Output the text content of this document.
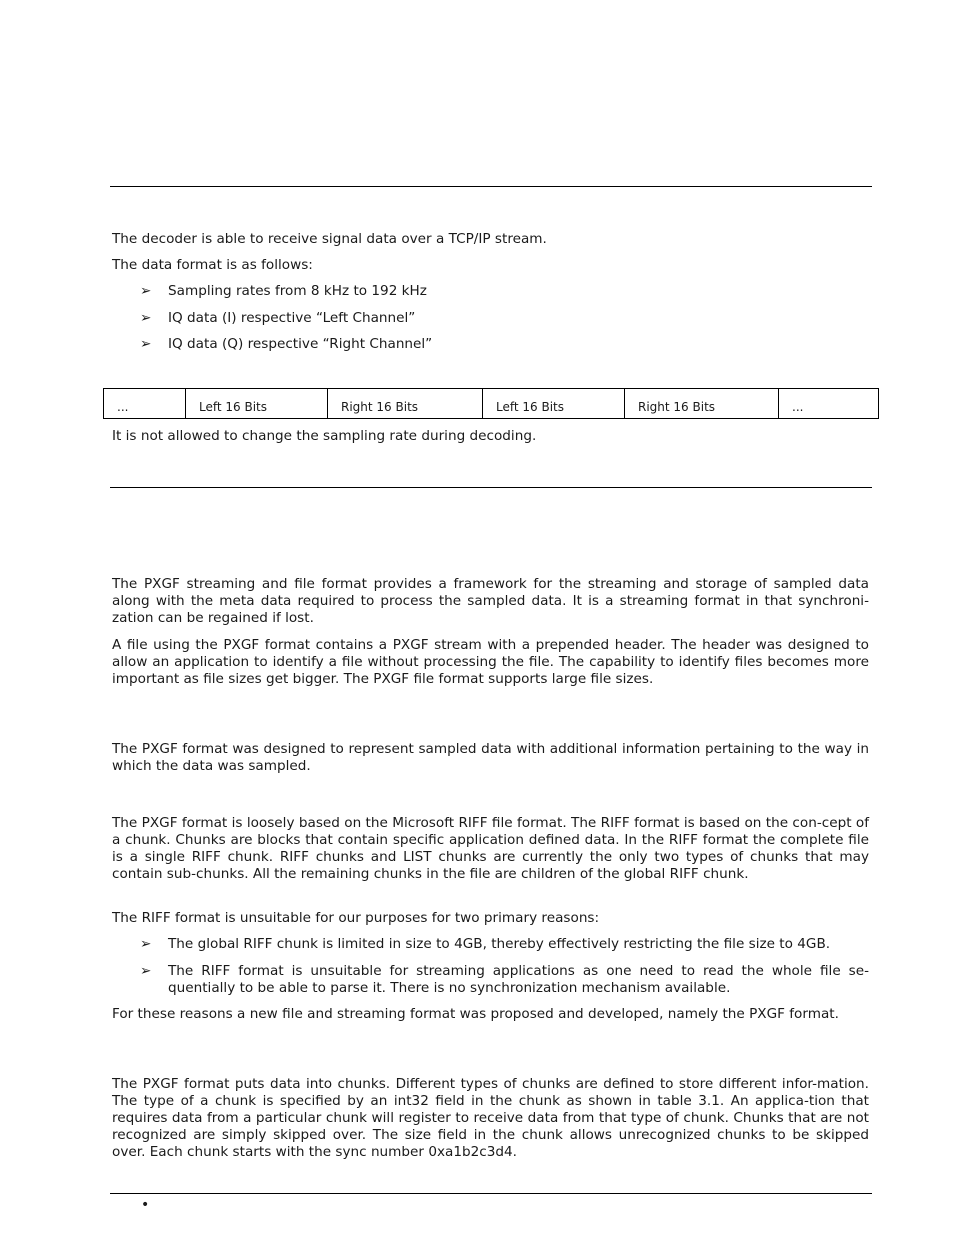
The decoder is able to receive signal data over a TCP/IP stream.

The data format is as follows:

➢ Sampling rates from 8 kHz to 192 kHz

➢ IQ data (I) respective “Left Channel”

➢ IQ data (Q) respective “Right Channel”

...	Left 16 Bits	Right 16 Bits	Left 16 Bits	Right 16 Bits	...

It is not allowed to change the sampling rate during decoding.

The PXGF streaming and file format provides a framework for the streaming and storage of sampled data along with the meta data required to process the sampled data. It is a streaming format in that synchroni-zation can be regained if lost.

A file using the PXGF format contains a PXGF stream with a prepended header. The header was designed to allow an application to identify a file without processing the file. The capability to identify files becomes more important as file sizes get bigger. The PXGF file format supports large file sizes.

The PXGF format was designed to represent sampled data with additional information pertaining to the way in which the data was sampled.

The PXGF format is loosely based on the Microsoft RIFF file format. The RIFF format is based on the con-cept of a chunk. Chunks are blocks that contain specific application defined data. In the RIFF format the complete file is a single RIFF chunk. RIFF chunks and LIST chunks are currently the only two types of chunks that may contain sub-chunks. All the remaining chunks in the file are children of the global RIFF chunk.

The RIFF format is unsuitable for our purposes for two primary reasons:

➢ The global RIFF chunk is limited in size to 4GB, thereby effectively restricting the file size to 4GB.

➢ The RIFF format is unsuitable for streaming applications as one need to read the whole file se-quentially to be able to parse it. There is no synchronization mechanism available.

For these reasons a new file and streaming format was proposed and developed, namely the PXGF format.

The PXGF format puts data into chunks. Different types of chunks are defined to store different infor-mation. The type of a chunk is specified by an int32 field in the chunk as shown in table 3.1. An applica-tion that requires data from a particular chunk will register to receive data from that type of chunk. Chunks that are not recognized are simply skipped over. The size field in the chunk allows unrecognized chunks to be skipped over. Each chunk starts with the sync number 0xa1b2c3d4.

•
